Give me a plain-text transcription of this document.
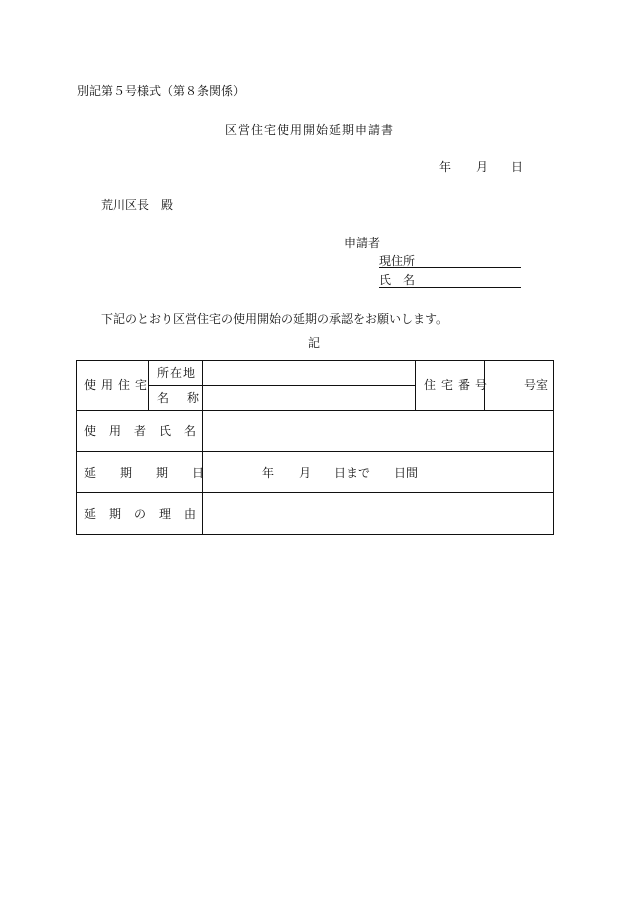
別記第５号様式（第８条関係）
区営住宅使用開始延期申請書
年 月 日
荒川区長　殿
申請者
現住所
氏　名
下記のとおり区営住宅の使用開始の延期の承認をお願いします。
記
使用住宅
所在地
名　称
住宅番号	号室
使用者氏名
延期期日	年 月 日まで 日間
延期の理由
